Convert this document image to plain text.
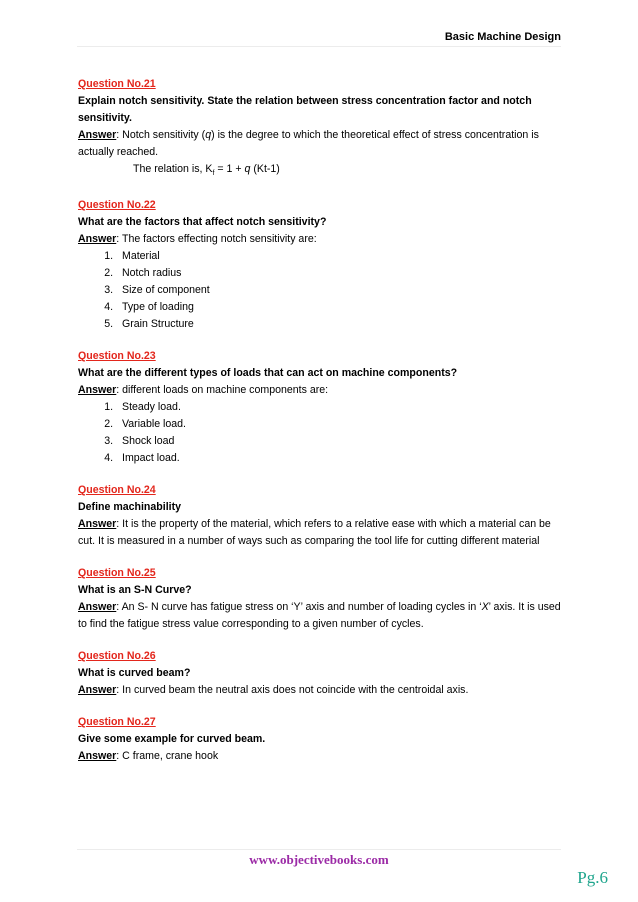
Basic Machine Design
Question No.21
Explain notch sensitivity. State the relation between stress concentration factor and notch sensitivity.
Answer: Notch sensitivity (q) is the degree to which the theoretical effect of stress concentration is actually reached.
The relation is, $K_f = 1 + q$ (Kt-1)
Question No.22
What are the factors that affect notch sensitivity?
Answer: The factors effecting notch sensitivity are:
1. Material
2. Notch radius
3. Size of component
4. Type of loading
5. Grain Structure
Question No.23
What are the different types of loads that can act on machine components?
Answer: different loads on machine components are:
1. Steady load.
2. Variable load.
3. Shock load
4. Impact load.
Question No.24
Define machinability
Answer: It is the property of the material, which refers to a relative ease with which a material can be cut. It is measured in a number of ways such as comparing the tool life for cutting different material
Question No.25
What is an S-N Curve?
Answer: An S- N curve has fatigue stress on ‘Y’ axis and number of loading cycles in ‘X’ axis. It is used to find the fatigue stress value corresponding to a given number of cycles.
Question No.26
What is curved beam?
Answer: In curved beam the neutral axis does not coincide with the centroidal axis.
Question No.27
Give some example for curved beam.
Answer: C frame, crane hook
www.objectivebooks.com
Pg.6
